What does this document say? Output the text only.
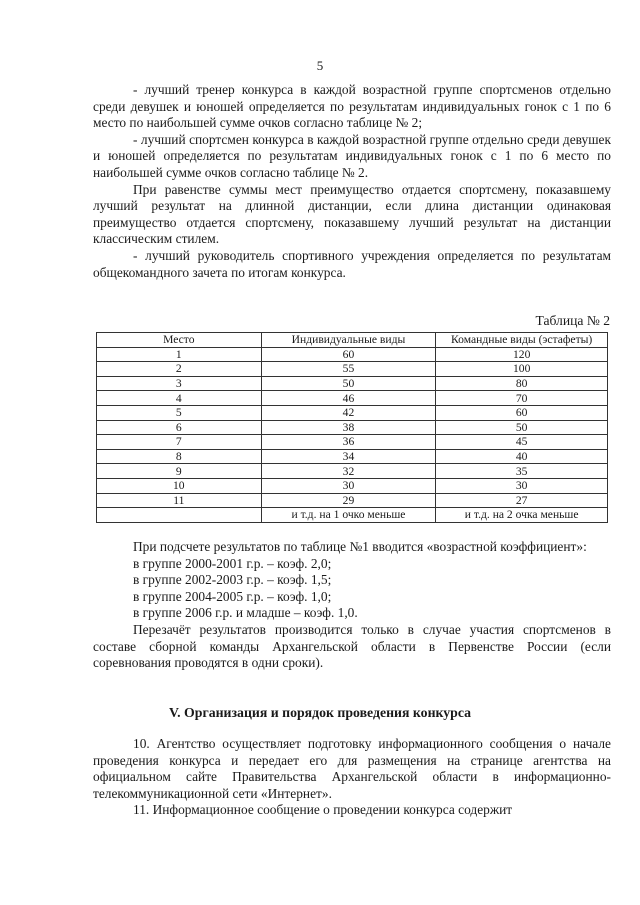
5

- лучший тренер конкурса в каждой возрастной группе спортсменов отдельно среди девушек и юношей определяется по результатам индивидуальных гонок с 1 по 6 место по наибольшей сумме очков согласно таблице № 2;

- лучший спортсмен конкурса в каждой возрастной группе отдельно среди девушек и юношей определяется по результатам индивидуальных гонок с 1 по 6 место по наибольшей сумме очков согласно таблице № 2.

При равенстве суммы мест преимущество отдается спортсмену, показавшему лучший результат на длинной дистанции, если длина дистанции одинаковая преимущество отдается спортсмену, показавшему лучший результат на дистанции классическим стилем.

- лучший руководитель спортивного учреждения определяется по результатам общекомандного зачета по итогам конкурса.

Таблица № 2
Место	Индивидуальные виды	Командные виды (эстафеты)
1	60	120
2	55	100
3	50	80
4	46	70
5	42	60
6	38	50
7	36	45
8	34	40
9	32	35
10	30	30
11	29	27
	и т.д. на 1 очко меньше	и т.д. на 2 очка меньше

При подсчете результатов по таблице №1 вводится «возрастной коэффициент»:

в группе 2000-2001 г.р. – коэф. 2,0;

в группе 2002-2003 г.р. – коэф. 1,5;

в группе 2004-2005 г.р. – коэф. 1,0;

в группе 2006 г.р. и младше – коэф. 1,0.

Перезачёт результатов производится только в случае участия спортсменов в составе сборной команды Архангельской области в Первенстве России (если соревнования проводятся в одни сроки).

V. Организация и порядок проведения конкурса

10. Агентство осуществляет подготовку информационного сообщения о начале проведения конкурса и передает его для размещения на странице агентства на официальном сайте Правительства Архангельской области в информационно-телекоммуникационной сети «Интернет».

11. Информационное сообщение о проведении конкурса содержит
